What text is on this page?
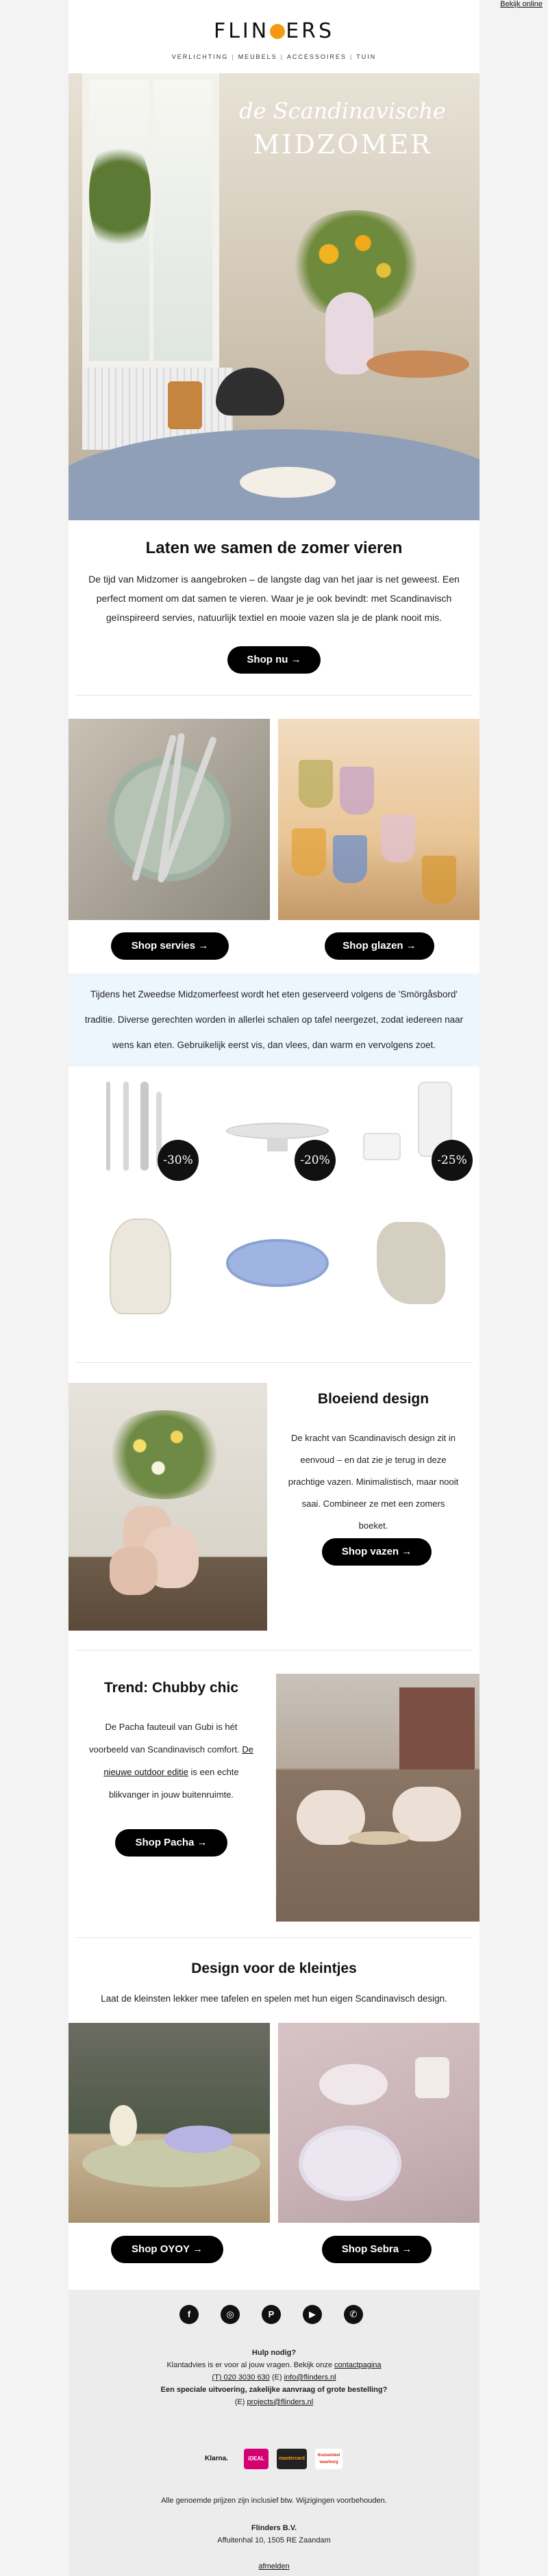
Bekijk online
FLIN ERS
VERLICHTING | MEUBELS | ACCESSOIRES | TUIN
de Scandinavische
MIDZOMER
Laten we samen de zomer vieren
De tijd van Midzomer is aangebroken – de langste dag van het jaar is net geweest. Een perfect moment om dat samen te vieren. Waar je je ook bevindt: met Scandinavisch geïnspireerd servies, natuurlijk textiel en mooie vazen sla je de plank nooit mis.
Shop nu →
Shop servies →	Shop glazen →
Tijdens het Zweedse Midzomerfeest wordt het eten geserveerd volgens de 'Smörgåsbord' traditie. Diverse gerechten worden in allerlei schalen op tafel neergezet, zodat iedereen naar wens kan eten. Gebruikelijk eerst vis, dan vlees, dan warm en vervolgens zoet.
-30%	-20%	-25%
Bloeiend design
De kracht van Scandinavisch design zit in eenvoud – en dat zie je terug in deze prachtige vazen. Minimalistisch, maar nooit saai. Combineer ze met een zomers boeket.
Shop vazen →
Trend: Chubby chic
De Pacha fauteuil van Gubi is hét voorbeeld van Scandinavisch comfort. De nieuwe outdoor editie is een echte blikvanger in jouw buitenruimte.
Shop Pacha →
Design voor de kleintjes
Laat de kleinsten lekker mee tafelen en spelen met hun eigen Scandinavisch design.
Shop OYOY →	Shop Sebra →
f	◎	P	▶	✆
Hulp nodig?
Klantadvies is er voor al jouw vragen. Bekijk onze contactpagina
(T) 020 3030 630 (E) info@flinders.nl
Een speciale uitvoering, zakelijke aanvraag of grote bestelling?
(E) projects@flinders.nl
Klarna.	iDEAL	mastercard
thuiswinkel waarborg
Alle genoemde prijzen zijn inclusief btw. Wijzigingen voorbehouden.
Flinders B.V.
Affuitenhal 10, 1505 RE Zaandam
afmelden
